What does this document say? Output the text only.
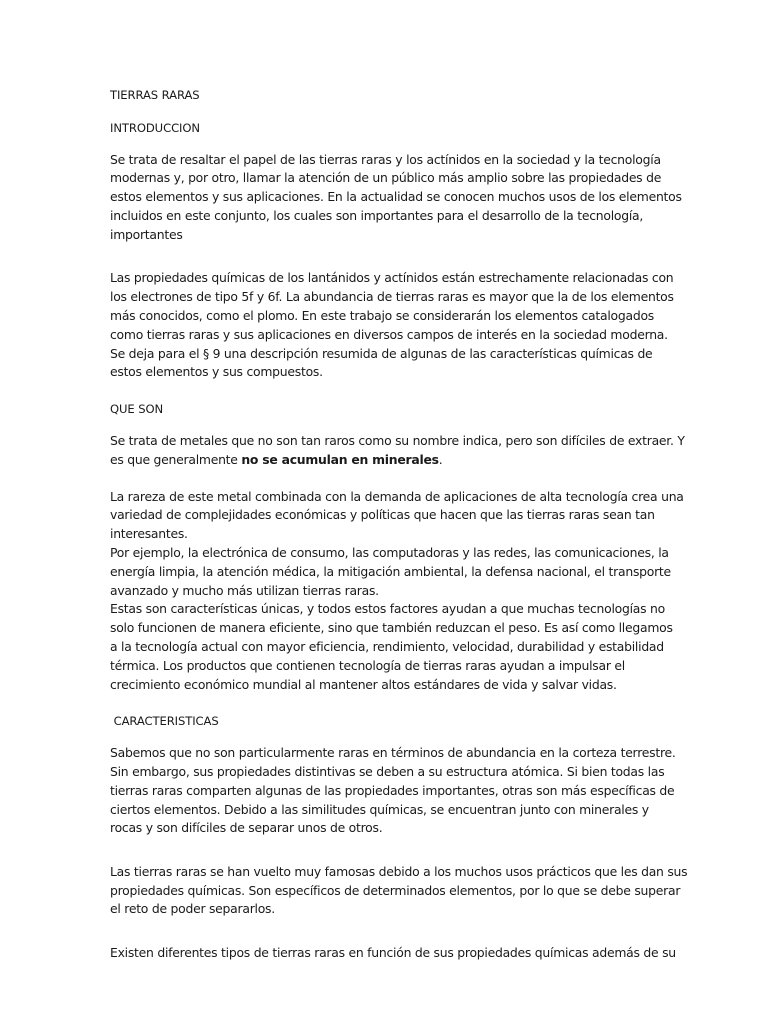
TIERRAS RARAS
INTRODUCCION
Se trata de resaltar el papel de las tierras raras y los actínidos en la sociedad y la tecnología
modernas y, por otro, llamar la atención de un público más amplio sobre las propiedades de
estos elementos y sus aplicaciones. En la actualidad se conocen muchos usos de los elementos
incluidos en este conjunto, los cuales son importantes para el desarrollo de la tecnología,
importantes
Las propiedades químicas de los lantánidos y actínidos están estrechamente relacionadas con
los electrones de tipo 5f y 6f. La abundancia de tierras raras es mayor que la de los elementos
más conocidos, como el plomo. En este trabajo se considerarán los elementos catalogados
como tierras raras y sus aplicaciones en diversos campos de interés en la sociedad moderna.
Se deja para el § 9 una descripción resumida de algunas de las características químicas de
estos elementos y sus compuestos.
QUE SON
Se trata de metales que no son tan raros como su nombre indica, pero son difíciles de extraer. Y
es que generalmente no se acumulan en minerales.
La rareza de este metal combinada con la demanda de aplicaciones de alta tecnología crea una
variedad de complejidades económicas y políticas que hacen que las tierras raras sean tan
interesantes.
Por ejemplo, la electrónica de consumo, las computadoras y las redes, las comunicaciones, la
energía limpia, la atención médica, la mitigación ambiental, la defensa nacional, el transporte
avanzado y mucho más utilizan tierras raras.
Estas son características únicas, y todos estos factores ayudan a que muchas tecnologías no
solo funcionen de manera eficiente, sino que también reduzcan el peso. Es así como llegamos
a la tecnología actual con mayor eficiencia, rendimiento, velocidad, durabilidad y estabilidad
térmica. Los productos que contienen tecnología de tierras raras ayudan a impulsar el
crecimiento económico mundial al mantener altos estándares de vida y salvar vidas.
CARACTERISTICAS
Sabemos que no son particularmente raras en términos de abundancia en la corteza terrestre.
Sin embargo, sus propiedades distintivas se deben a su estructura atómica. Si bien todas las
tierras raras comparten algunas de las propiedades importantes, otras son más específicas de
ciertos elementos. Debido a las similitudes químicas, se encuentran junto con minerales y
rocas y son difíciles de separar unos de otros.
Las tierras raras se han vuelto muy famosas debido a los muchos usos prácticos que les dan sus
propiedades químicas. Son específicos de determinados elementos, por lo que se debe superar
el reto de poder separarlos.
Existen diferentes tipos de tierras raras en función de sus propiedades químicas además de su
